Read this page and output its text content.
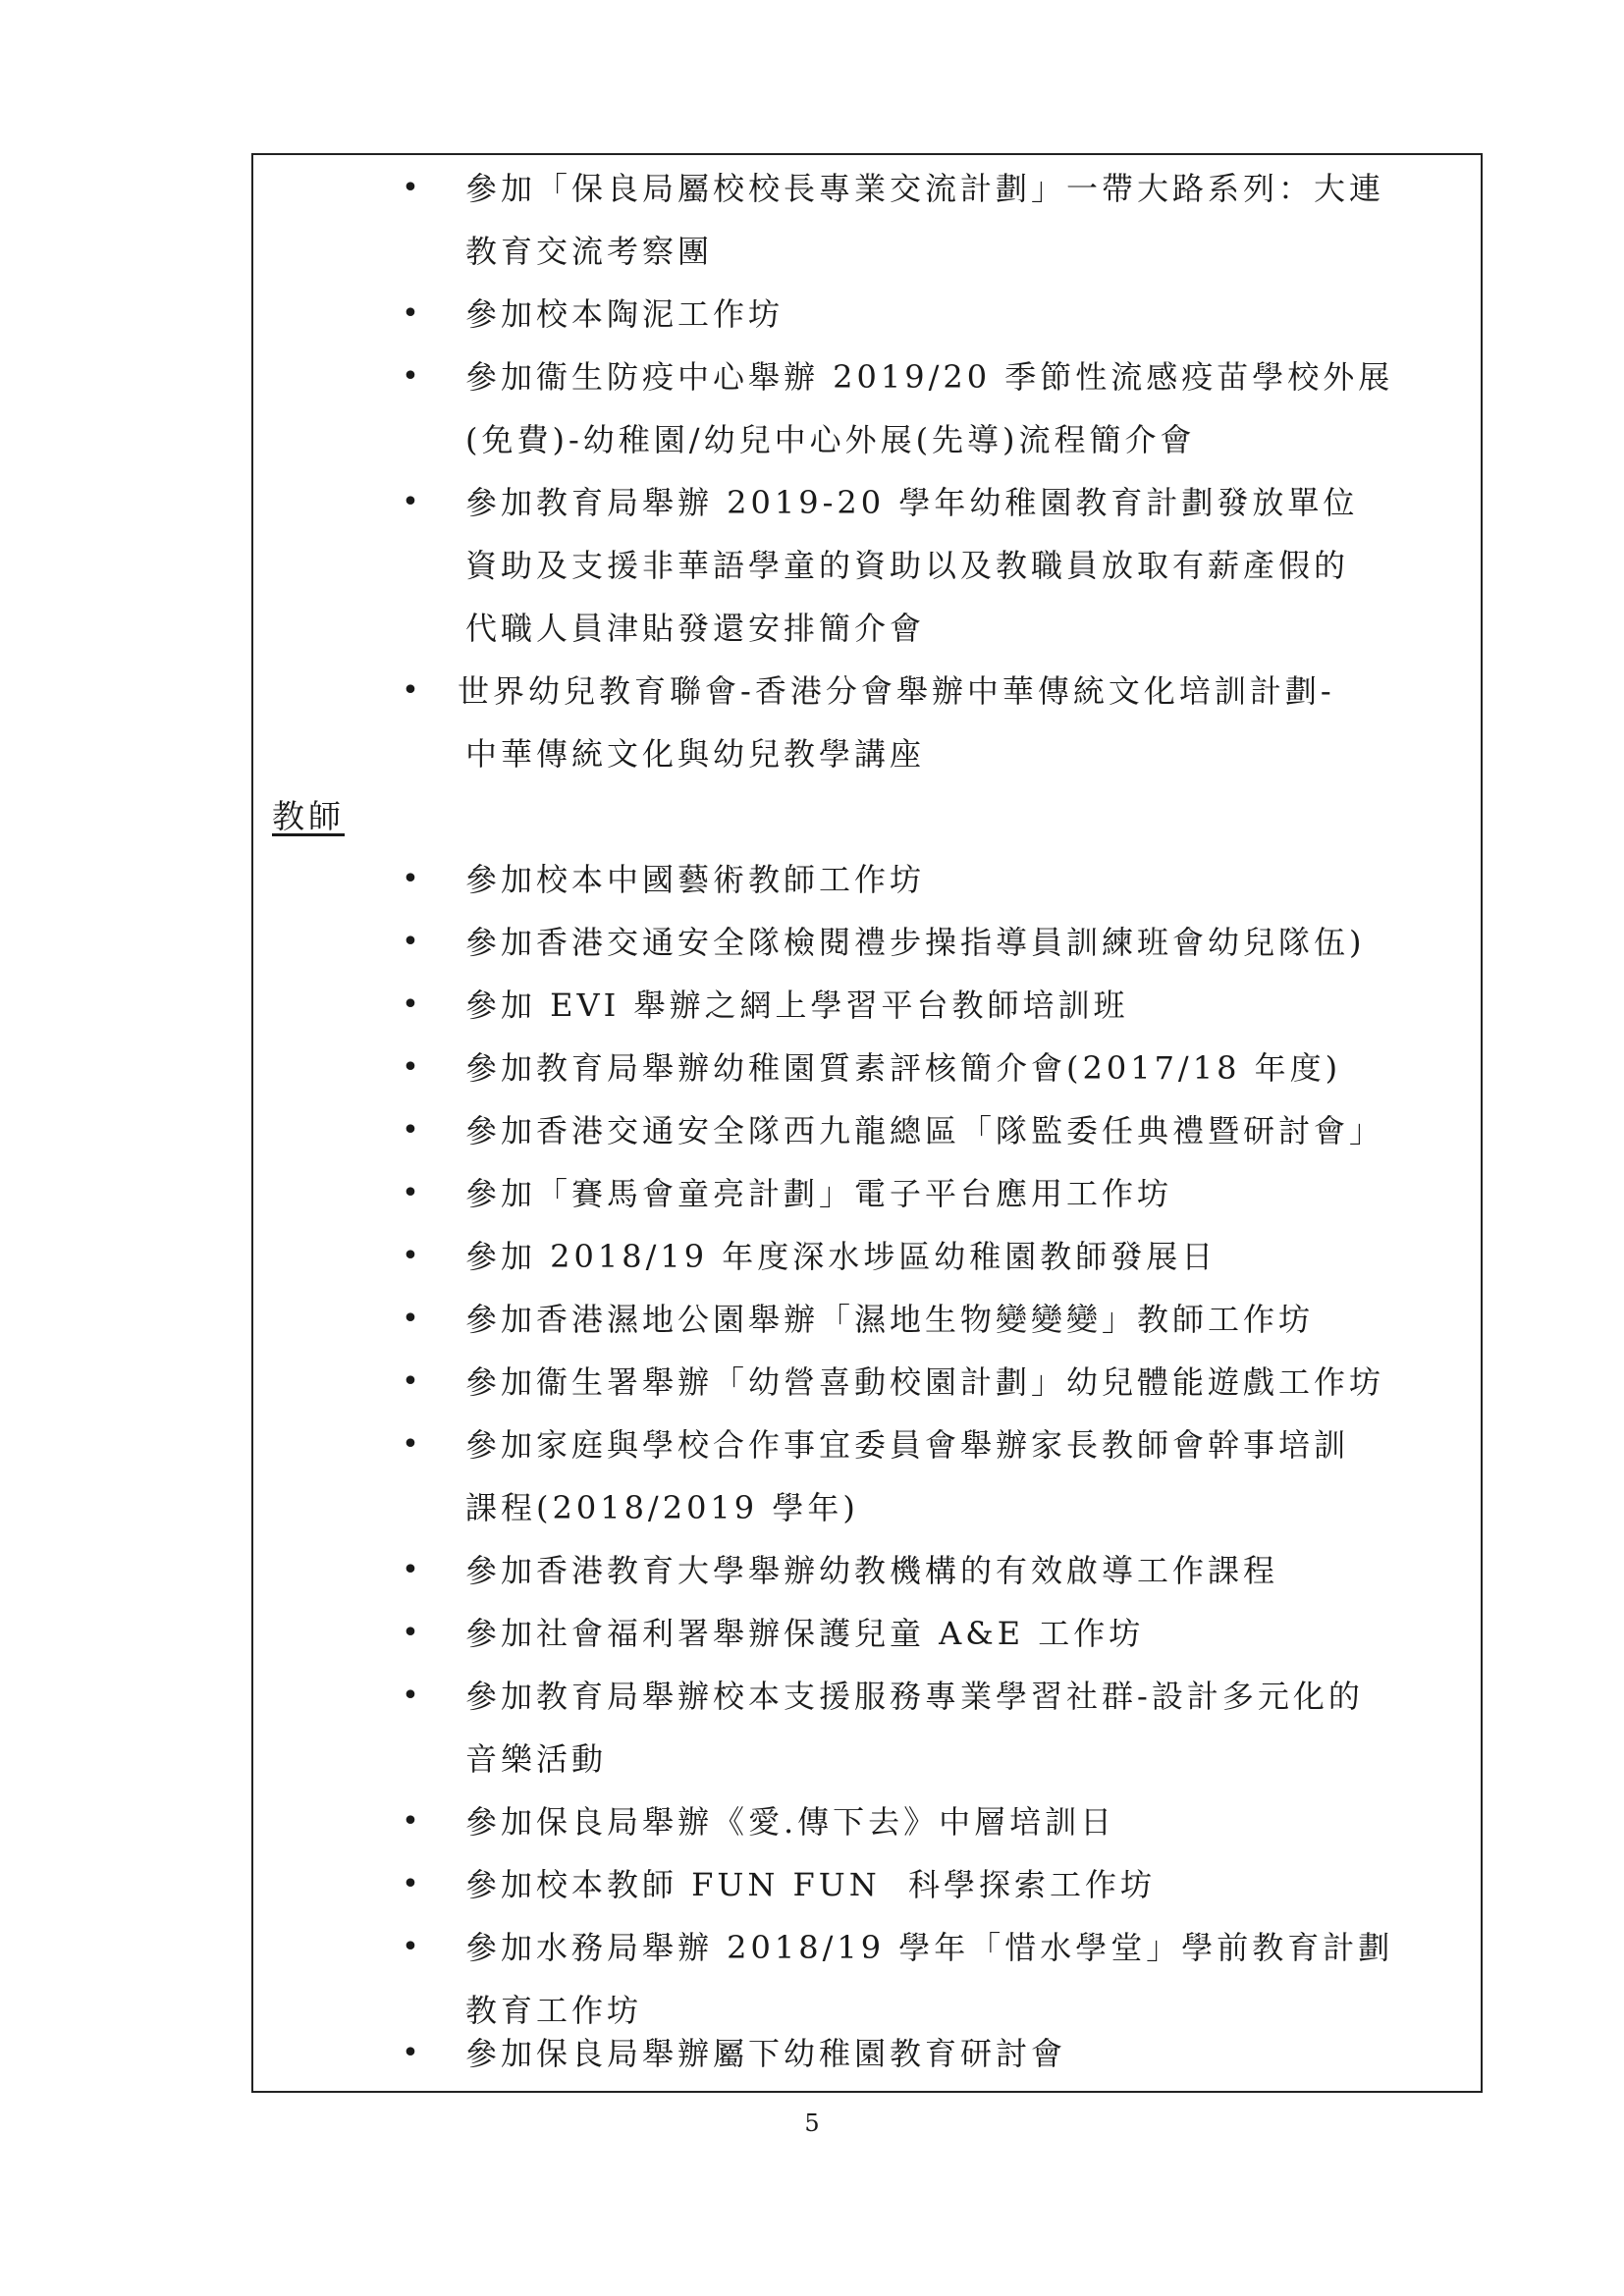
• 參加「保良局屬校校長專業交流計劃」一帶大路系列：大連
教育交流考察團
• 參加校本陶泥工作坊
• 參加衞生防疫中心舉辦 2019/20 季節性流感疫苗學校外展
(免費)-幼稚園/幼兒中心外展(先導)流程簡介會
• 參加教育局舉辦 2019-20 學年幼稚園教育計劃發放單位
資助及支援非華語學童的資助以及教職員放取有薪產假的
代職人員津貼發還安排簡介會
• 世界幼兒教育聯會-香港分會舉辦中華傳統文化培訓計劃-
中華傳統文化與幼兒教學講座
教師
• 參加校本中國藝術教師工作坊
• 參加香港交通安全隊檢閱禮步操指導員訓練班會幼兒隊伍)
• 參加 EVI 舉辦之網上學習平台教師培訓班
• 參加教育局舉辦幼稚園質素評核簡介會(2017/18 年度)
• 參加香港交通安全隊西九龍總區「隊監委任典禮暨研討會」
• 參加「賽馬會童亮計劃」電子平台應用工作坊
• 參加 2018/19 年度深水埗區幼稚園教師發展日
• 參加香港濕地公園舉辦「濕地生物變變變」教師工作坊
• 參加衞生署舉辦「幼營喜動校園計劃」幼兒體能遊戲工作坊
• 參加家庭與學校合作事宜委員會舉辦家長教師會幹事培訓
課程(2018/2019 學年)
• 參加香港教育大學舉辦幼教機構的有效啟導工作課程
• 參加社會福利署舉辦保護兒童 A&E 工作坊
• 參加教育局舉辦校本支援服務專業學習社群-設計多元化的
音樂活動
• 參加保良局舉辦《愛.傳下去》中層培訓日
• 參加校本教師 FUN FUN  科學探索工作坊
• 參加水務局舉辦 2018/19 學年「惜水學堂」學前教育計劃
教育工作坊
• 參加保良局舉辦屬下幼稚園教育研討會
5
